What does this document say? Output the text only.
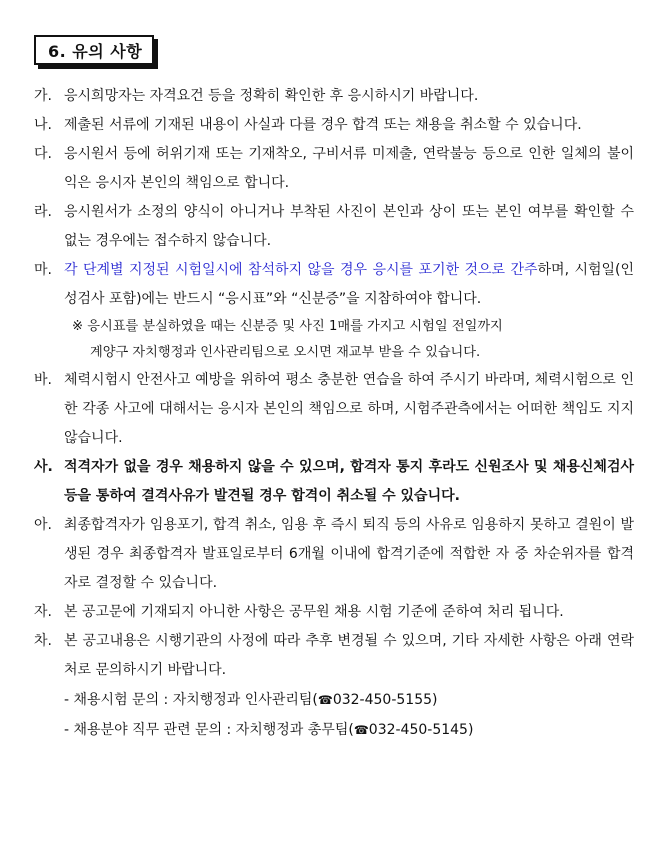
6. 유의 사항
가. 응시희망자는 자격요건 등을 정확히 확인한 후 응시하시기 바랍니다.
나. 제출된 서류에 기재된 내용이 사실과 다를 경우 합격 또는 채용을 취소할 수 있습니다.
다. 응시원서 등에 허위기재 또는 기재착오, 구비서류 미제출, 연락불능 등으로 인한 일체의 불이익은 응시자 본인의 책임으로 합니다.
라. 응시원서가 소정의 양식이 아니거나 부착된 사진이 본인과 상이 또는 본인 여부를 확인할 수 없는 경우에는 접수하지 않습니다.
마. 각 단계별 지정된 시험일시에 참석하지 않을 경우 응시를 포기한 것으로 간주하며, 시험일(인성검사 포함)에는 반드시 “응시표”와 “신분증”을 지참하여야 합니다.
※ 응시표를 분실하였을 때는 신분증 및 사진 1매를 가지고 시험일 전일까지
계양구 자치행정과 인사관리팀으로 오시면 재교부 받을 수 있습니다.
바. 체력시험시 안전사고 예방을 위하여 평소 충분한 연습을 하여 주시기 바라며, 체력시험으로 인한 각종 사고에 대해서는 응시자 본인의 책임으로 하며, 시험주관측에서는 어떠한 책임도 지지 않습니다.
사. 적격자가 없을 경우 채용하지 않을 수 있으며, 합격자 통지 후라도 신원조사 및 채용신체검사 등을 통하여 결격사유가 발견될 경우 합격이 취소될 수 있습니다.
아. 최종합격자가 임용포기, 합격 취소, 임용 후 즉시 퇴직 등의 사유로 임용하지 못하고 결원이 발생된 경우 최종합격자 발표일로부터 6개월 이내에 합격기준에 적합한 자 중 차순위자를 합격자로 결정할 수 있습니다.
자. 본 공고문에 기재되지 아니한 사항은 공무원 채용 시험 기준에 준하여 처리 됩니다.
차. 본 공고내용은 시행기관의 사정에 따라 추후 변경될 수 있으며, 기타 자세한 사항은 아래 연락처로 문의하시기 바랍니다.
- 채용시험 문의 : 자치행정과 인사관리팀(☎032-450-5155)
- 채용분야 직무 관련 문의 : 자치행정과 총무팀(☎032-450-5145)
